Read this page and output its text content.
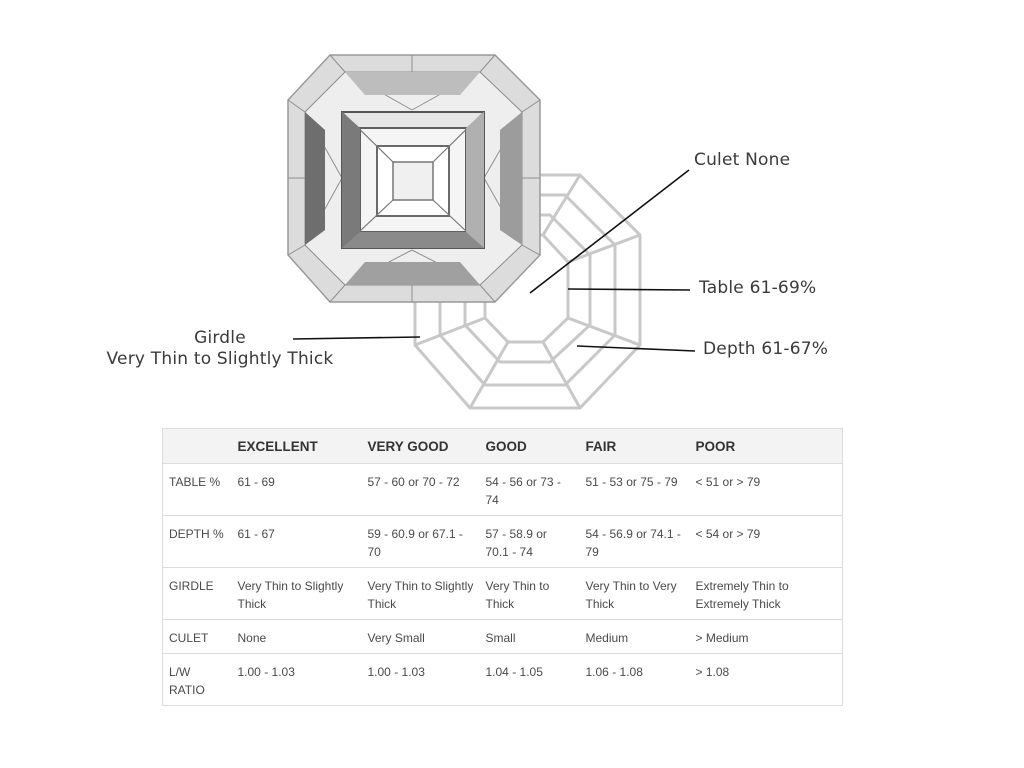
Culet None
Table 61-69%
Depth 61-67%
Girdle
Very Thin to Slightly Thick
	EXCELLENT	VERY GOOD	GOOD	FAIR	POOR
TABLE %	61 - 69	57 - 60 or 70 - 72	54 - 56 or 73 - 74	51 - 53 or 75 - 79	< 51 or > 79
DEPTH %	61 - 67	59 - 60.9 or 67.1 - 70	57 - 58.9 or 70.1 - 74	54 - 56.9 or 74.1 - 79	< 54 or > 79
GIRDLE	Very Thin to Slightly Thick	Very Thin to Slightly Thick	Very Thin to Thick	Very Thin to Very Thick	Extremely Thin to Extremely Thick
CULET	None	Very Small	Small	Medium	> Medium
L/W RATIO	1.00 - 1.03	1.00 - 1.03	1.04 - 1.05	1.06 - 1.08	> 1.08
